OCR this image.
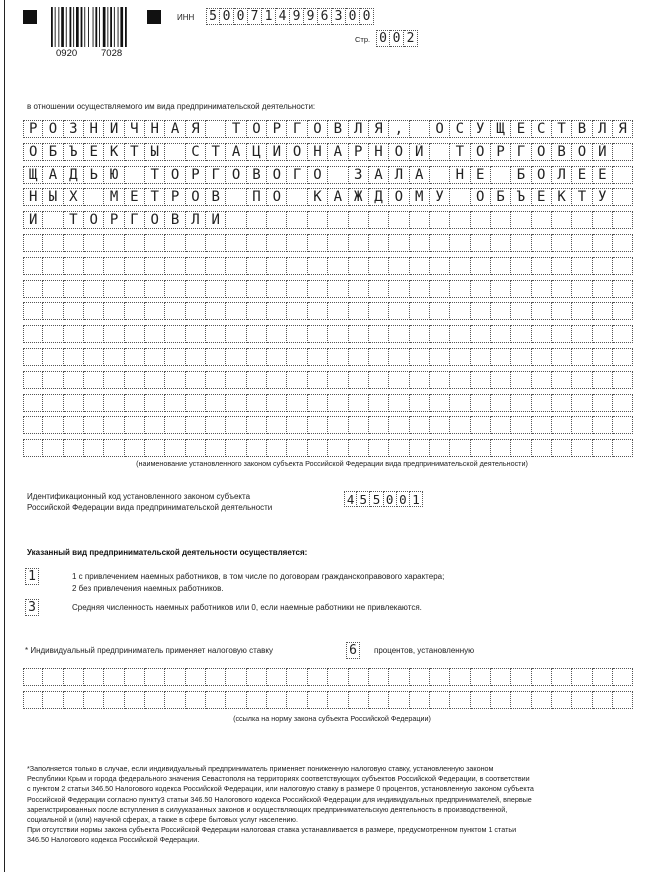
0920	7028
ИНН 5 0 0 7 1 4 9 9 6 3 0 0
Стр. 0 0 2
в отношении осуществляемого им вида предпринимательской деятельности:
Р О З Н И Ч Н А Я	Т О Р Г О В Л Я ,	О С У Щ Е С Т В Л Я
О Б Ъ Е К Т Ы	С Т А Ц И О Н А Р Н О Й	Т О Р Г О В О Й
Щ А Д Ь Ю	Т О Р Г О В О Г О	З А Л А	Н Е	Б О Л Е Е
Н Ы Х	М Е Т Р О В	П О	К А Ж Д О М У	О Б Ъ Е К Т У
И	Т О Р Г О В Л И
(наименование установленного законом субъекта Российской Федерации вида предпринимательской деятельности)
Идентификационный код установленного законом субъекта
Российской Федерации вида предпринимательской деятельности
4 5 5 0 0 1
Указанный вид предпринимательской деятельности осуществляется:
1	1 с привлечением наемных работников, в том числе по договорам гражданскоправового характера;
2 без привлечения наемных работников.
3	Средняя численность наемных работников или 0, если наемные работники не привлекаются.
* Индивидуальный предприниматель применяет налоговую ставку	6	процентов, установленную
(ссылка на норму закона субъекта Российской Федерации)
*Заполняется только в случае, если индивидуальный предприниматель применяет пониженную налоговую ставку, установленную законом
Республики Крым и города федерального значения Севастополя на территориях соответствующих субъектов Российской Федерации, в соответствии
с пунктом 2 статьи 346.50 Налогового кодекса Российской Федерации, или налоговую ставку в размере 0 процентов, установленную законом субъекта
Российской Федерации согласно пункту3 статьи 346.50 Налогового кодекса Российской Федерации для индивидуальных предпринимателей, впервые
зарегистрированных после вступления в силууказанных законов и осуществляющих предпринимательскую деятельность в производственной,
социальной и (или) научной сферах, а также в сфере бытовых услуг населению.
При отсутствии нормы закона субъекта Российской Федерации налоговая ставка устанавливается в размере, предусмотренном пунктом 1 статьи
346.50 Налогового кодекса Российской Федерации.
